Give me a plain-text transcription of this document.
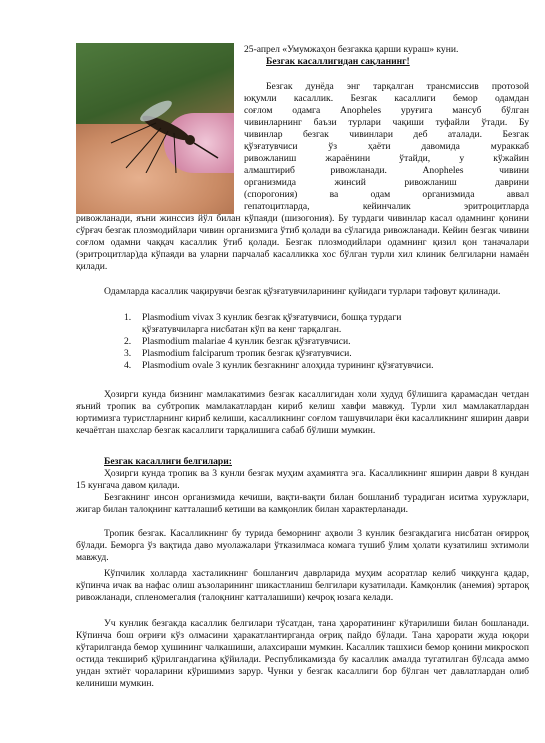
25-апрел «Умумжаҳон безгакка қарши кураш» куни.
Безгак касаллигидан сақланинг!
Безгак дунёда энг тарқалган трансмиссив протозой
юқумли касаллик. Безгак касаллиги бемор одамдан
соғлом одамга Anopheles уруғига мансуб бўлган
чивинларнинг баъзи турлари чақиши туфайли ўтади. Бу
чивинлар безгак чивинлари деб аталади. Безгак
қўзғатувчиси ўз ҳаёти давомида мураккаб
ривожланиш жараёнини ўтайди, у кўжайин
алмаштириб ривожланади. Anopheles чивини
организмида жинсий ривожланиш даврини
(спорогония) ва одам организмида аввал
гепатоцитларда, кейинчалик эритроцитларда

ривожланади, яъни жинссиз йўл билан кўпаяди (шизогония). Бу турдаги чивинлар касал одамнинг қонини сўрғач безгак плозмодийлари чивин организмига ўтиб қолади ва сўлагида ривожланади. Кейин безгак чивини соғлом одамни чаққач касаллик ўтиб қолади. Безгак плозмодийлари одамнинг қизил қон таначалари (эритроцитлар)да кўпаяди ва уларни парчалаб касалликка хос бўлган турли хил клиник белгиларни намаён қилади.

Одамларда касаллик чақирувчи безгак қўзғатувчиларининг қуйидаги турлари тафовут қилинади.

1.	Plasmodium vivax 3 кунлик безгак қўзғатувчиси, бошқа турдаги қўзғатувчиларга нисбатан кўп ва кенг тарқалган.
2.	Plasmodium malariae 4 кунлик безгак қўзғатувчиси.
3.	Plasmodium falciparum тропик безгак қўзғатувчиси.
4.	Plasmodium ovale 3 кунлик безгакнинг алоҳида турининг қўзғатувчиси.

Ҳозирги кунда бизнинг мамлакатимиз безгак касаллигидан холи худуд бўлишига қарамасдан четдан яъний тропик ва субтропик мамлакатлардан кириб келиш хавфи мавжуд. Турли хил мамлакатлардан юртимизга туристларнинг кириб келиши, касалликнинг соғлом ташувчилари ёки касалликнинг яширин даври кечаётган шахслар безгак касаллиги тарқалишига сабаб бўлиши мумкин.

Безгак касаллиги белгилари:

Ҳозирги кунда тропик ва 3 кунли безгак муҳим аҳамиятга эга. Касалликнинг яширин даври 8 кундан 15 кунгача давом қилади.

Безгакнинг инсон организмида кечиши, вақти-вақти билан бошланиб турадиган иситма хуружлари, жигар билан талоқнинг катталашиб кетиши ва камқонлик билан характерланади.

Тропик безгак. Касалликнинг бу турида беморнинг аҳволи 3 кунлик безгакдагига нисбатан оғирроқ бўлади. Беморга ўз вақтида даво муолажалари ўтказилмаса комага тушиб ўлим ҳолати кузатилиш эхтимоли мавжуд.

Кўпчилик холларда хасталикнинг бошланғич даврларида муҳим асоратлар келиб чиққунга қадар, кўпинча ичак ва нафас олиш аъзоларининг шикастланиш белгилари кузатилади. Камқонлик (анемия) эртароқ ривожланади, спленомегалия (талоқнинг катталашиши) кечроқ юзага келади.

Уч кунлик безгакда касаллик белгилари тўсатдан, тана ҳароратининг кўтарилиши билан бошланади. Кўпинча бош оғриғи кўз олмасини ҳаракатлантирганда оғриқ пайдо бўлади. Тана ҳарорати жуда юқори кўтарилганда бемор ҳушининг чалкашиши, алахсираши мумкин. Касаллик ташхиси бемор қонини микроскоп остида текшириб қўрилгандагина қўйилади. Республикамизда бу касаллик амалда тугатилган бўлсада аммо ундан эхтиёт чораларини кўришимиз зарур. Чунки у безгак касаллиги бор бўлган чет давлатлардан олиб келиниши мумкин.
